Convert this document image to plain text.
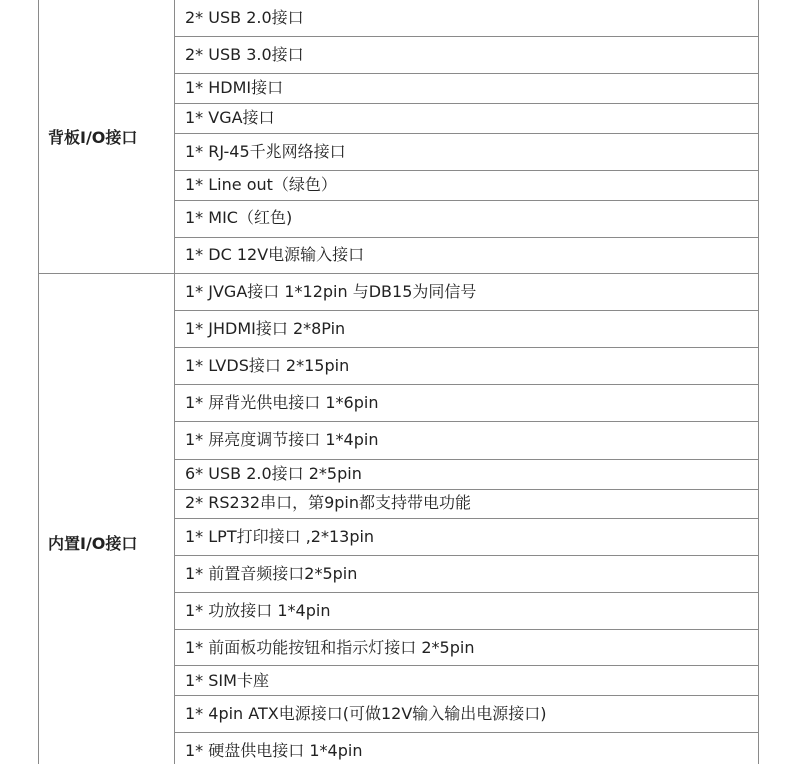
背板I/O接口
内置I/O接口
2* USB 2.0接口
2* USB 3.0接口
1* HDMI接口
1* VGA接口
1* RJ-45千兆网络接口
1* Line out（绿色）
1* MIC（红色)
1* DC 12V电源输入接口
1* JVGA接口 1*12pin 与DB15为同信号
1* JHDMI接口 2*8Pin
1* LVDS接口 2*15pin
1* 屏背光供电接口 1*6pin
1* 屏亮度调节接口 1*4pin
6* USB 2.0接口 2*5pin
2* RS232串口，第9pin都支持带电功能
1* LPT打印接口 ,2*13pin
1* 前置音频接口2*5pin
1* 功放接口 1*4pin
1* 前面板功能按钮和指示灯接口 2*5pin
1* SIM卡座
1* 4pin ATX电源接口(可做12V输入输出电源接口)
1* 硬盘供电接口 1*4pin
